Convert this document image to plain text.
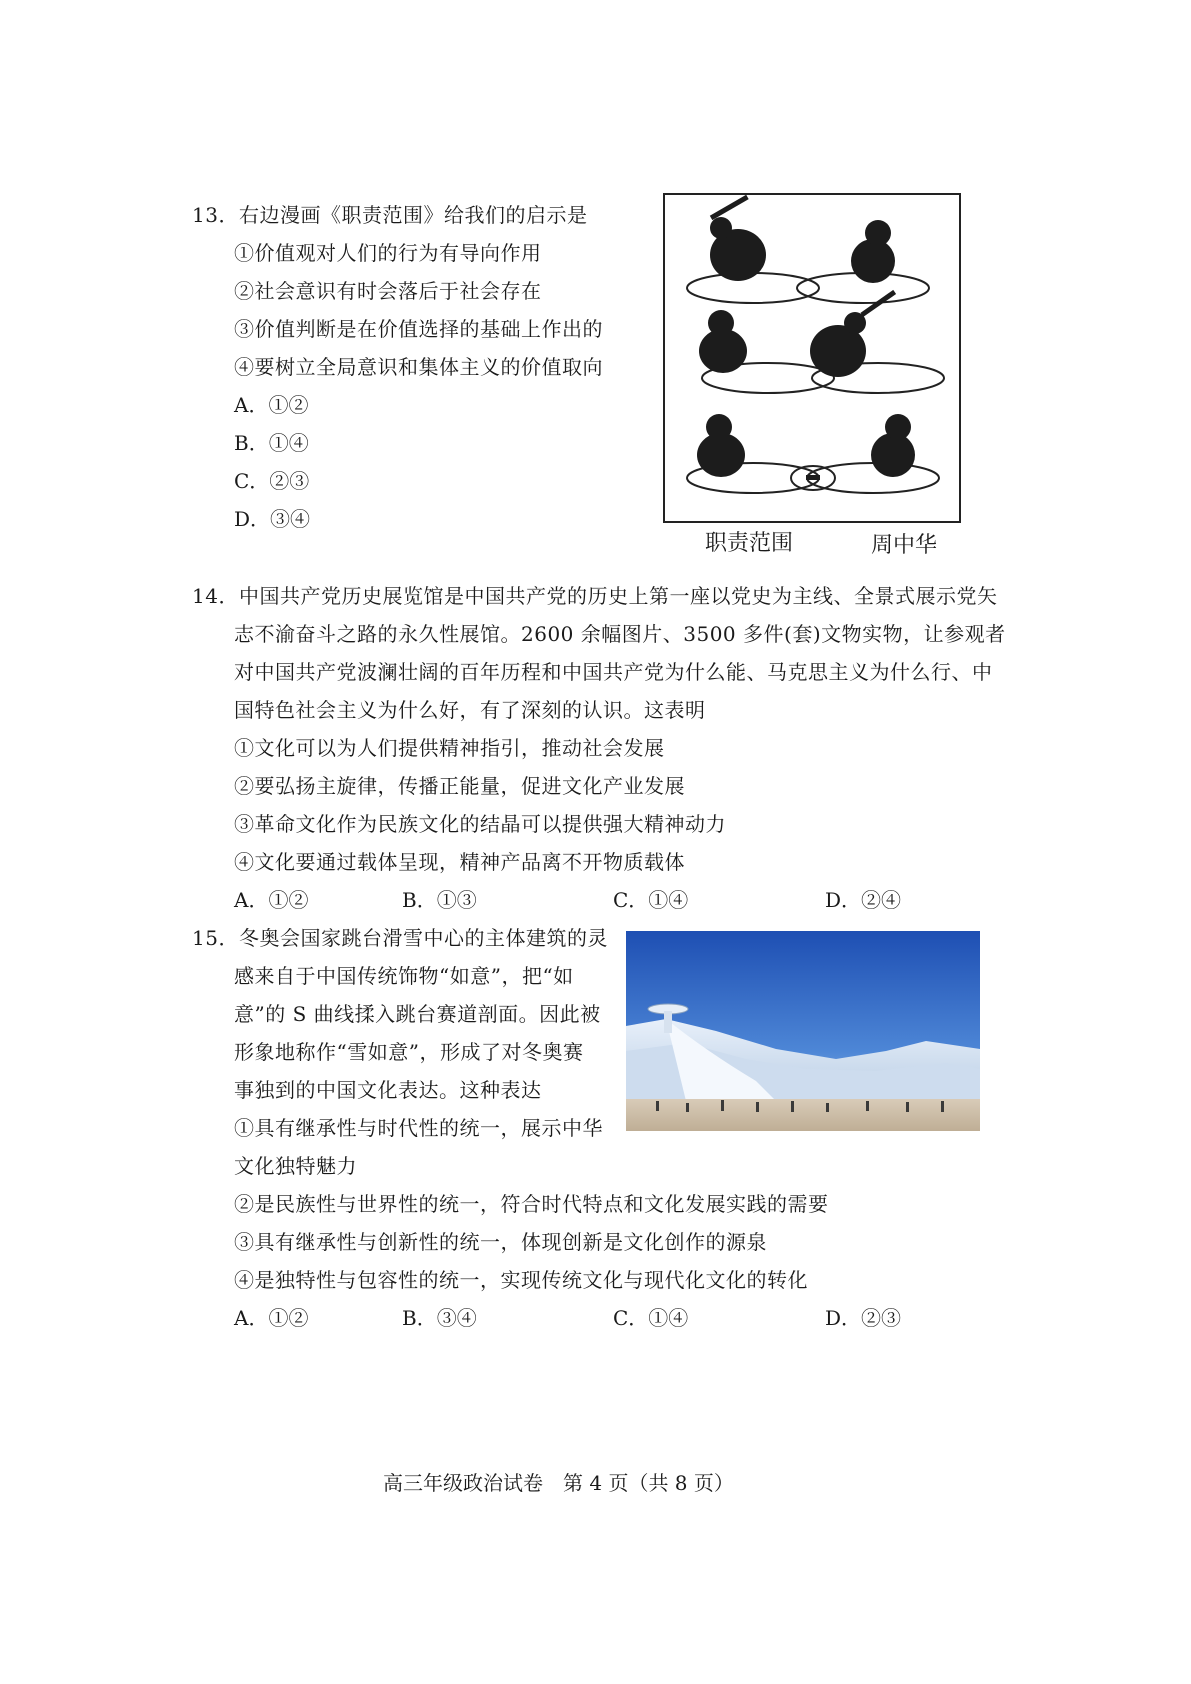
13．右边漫画《职责范围》给我们的启示是
①价值观对人们的行为有导向作用
②社会意识有时会落后于社会存在
③价值判断是在价值选择的基础上作出的
④要树立全局意识和集体主义的价值取向
A．①②
B．①④
C．②③
D．③④
职责范围	周中华
14．中国共产党历史展览馆是中国共产党的历史上第一座以党史为主线、全景式展示党矢
志不渝奋斗之路的永久性展馆。2600 余幅图片、3500 多件(套)文物实物，让参观者
对中国共产党波澜壮阔的百年历程和中国共产党为什么能、马克思主义为什么行、中
国特色社会主义为什么好，有了深刻的认识。这表明
①文化可以为人们提供精神指引，推动社会发展
②要弘扬主旋律，传播正能量，促进文化产业发展
③革命文化作为民族文化的结晶可以提供强大精神动力
④文化要通过载体呈现，精神产品离不开物质载体
A．①②	B．①③	C．①④	D．②④
15．冬奥会国家跳台滑雪中心的主体建筑的灵
感来自于中国传统饰物“如意”，把“如
意”的 S 曲线揉入跳台赛道剖面。因此被
形象地称作“雪如意”，形成了对冬奥赛
事独到的中国文化表达。这种表达
①具有继承性与时代性的统一，展示中华
文化独特魅力
②是民族性与世界性的统一，符合时代特点和文化发展实践的需要
③具有继承性与创新性的统一，体现创新是文化创作的源泉
④是独特性与包容性的统一，实现传统文化与现代化文化的转化
A．①②	B．③④	C．①④	D．②③
高三年级政治试卷　第 4 页（共 8 页）
